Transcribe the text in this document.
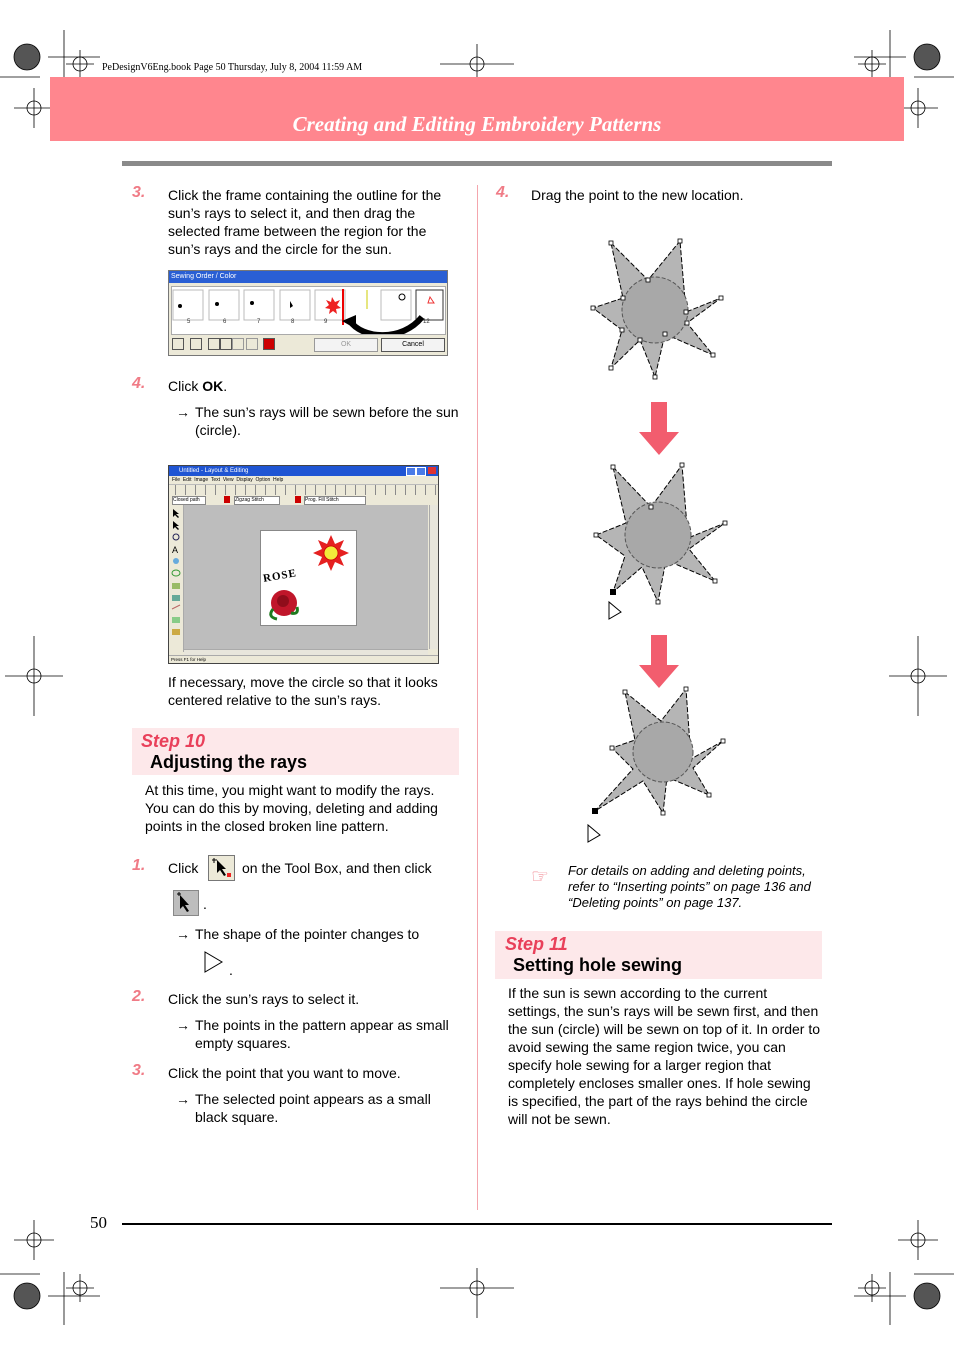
PeDesignV6Eng.book Page 50 Thursday, July 8, 2004 11:59 AM
Creating and Editing Embroidery Patterns
3. Click the frame containing the outline for the
sun’s rays to select it, and then drag the
selected frame between the region for the
sun’s rays and the circle for the sun.
Sewing Order / Color
5	6	7	8	9	12
OK	Cancel
4. Click OK.
→ The sun’s rays will be sewn before the sun
(circle).
Untitled - Layout & Editing
File Edit Image Text View Display Option Help
Closed path	Zigzag Stitch	Prog. Fill Stitch
A
ROSE
Press F1 for Help
If necessary, move the circle so that it looks
centered relative to the sun’s rays.
Step 10
Adjusting the rays
At this time, you might want to modify the rays.
You can do this by moving, deleting and adding
points in the closed broken line pattern.
1. Click	on the Tool Box, and then click
.
→ The shape of the pointer changes to
.
2. Click the sun’s rays to select it.
→ The points in the pattern appear as small
empty squares.
3. Click the point that you want to move.
→ The selected point appears as a small
black square.
4. Drag the point to the new location.
☞ For details on adding and deleting points,
refer to “Inserting points” on page 136 and
“Deleting points” on page 137.
Step 11
Setting hole sewing
If the sun is sewn according to the current
settings, the sun’s rays will be sewn first, and then
the sun (circle) will be sewn on top of it. In order to
avoid sewing the same region twice, you can
specify hole sewing for a larger region that
completely encloses smaller ones. If hole sewing
is specified, the part of the rays behind the circle
will not be sewn.
50
